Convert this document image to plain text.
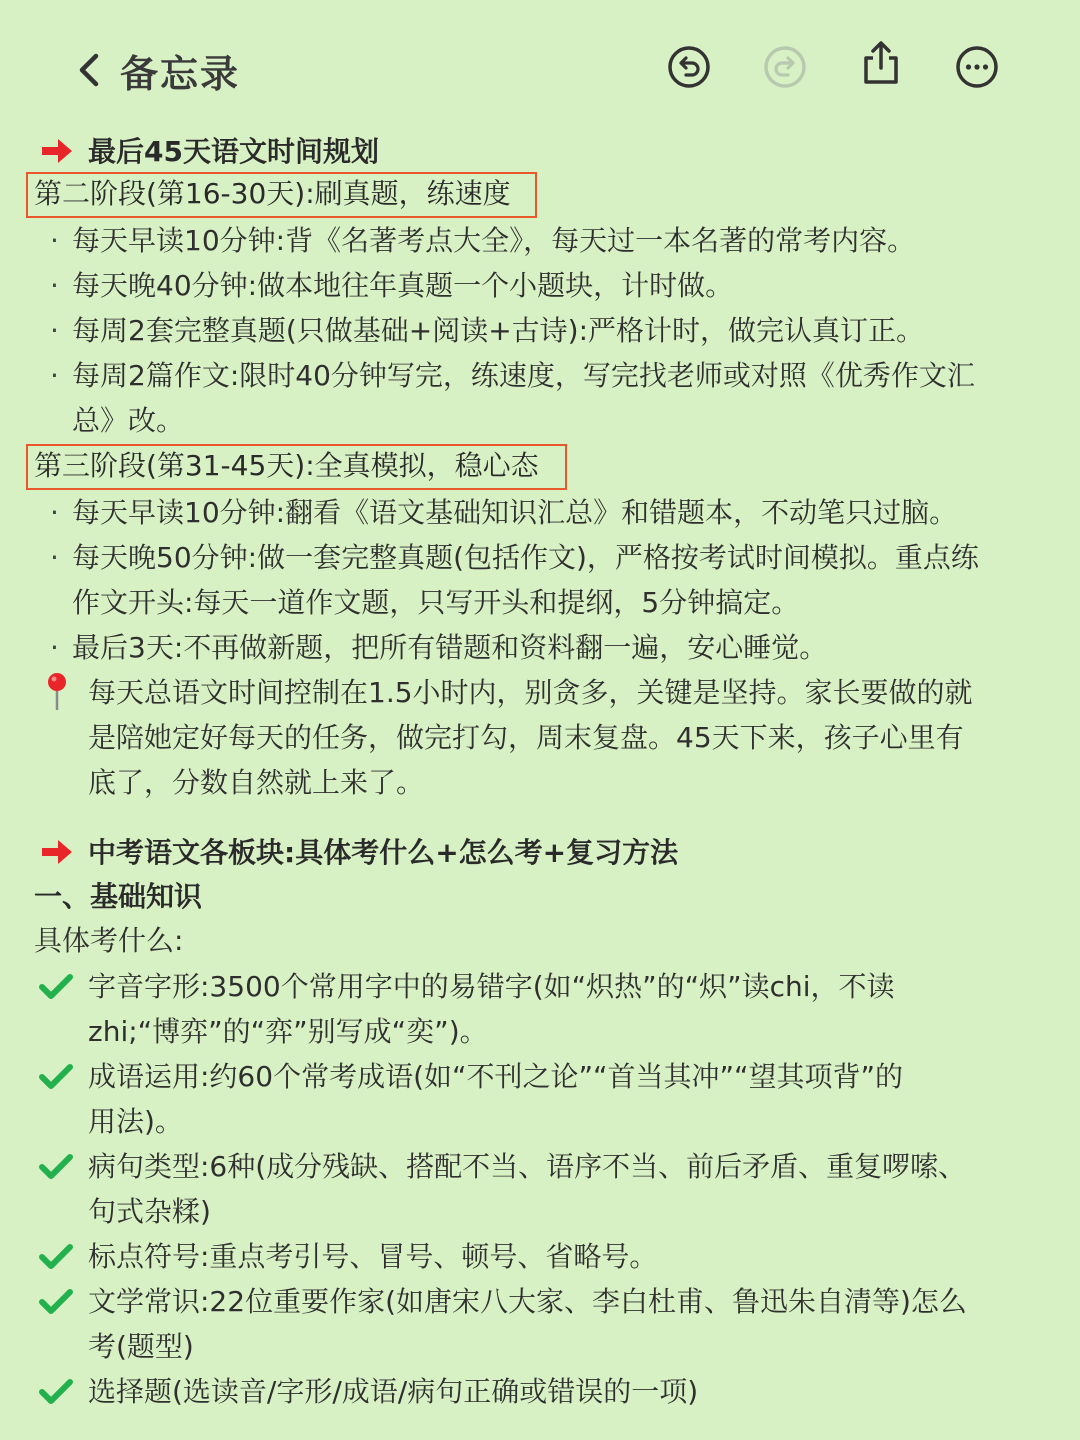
备忘录
最后45天语文时间规划
第二阶段(第16-30天):刷真题，练速度
· 每天早读10分钟:背《名著考点大全》，每天过一本名著的常考内容。
· 每天晚40分钟:做本地往年真题一个小题块，计时做。
· 每周2套完整真题(只做基础+阅读+古诗):严格计时，做完认真订正。
· 每周2篇作文:限时40分钟写完，练速度，写完找老师或对照《优秀作文汇
总》改。
第三阶段(第31-45天):全真模拟，稳心态
· 每天早读10分钟:翻看《语文基础知识汇总》和错题本，不动笔只过脑。
· 每天晚50分钟:做一套完整真题(包括作文)，严格按考试时间模拟。重点练
作文开头:每天一道作文题，只写开头和提纲，5分钟搞定。
· 最后3天:不再做新题，把所有错题和资料翻一遍，安心睡觉。
每天总语文时间控制在1.5小时内，别贪多，关键是坚持。家长要做的就
是陪她定好每天的任务，做完打勾，周末复盘。45天下来，孩子心里有
底了，分数自然就上来了。
中考语文各板块:具体考什么+怎么考+复习方法
一、基础知识
具体考什么:
字音字形:3500个常用字中的易错字(如“炽热”的“炽”读chi，不读
zhi;“博弈”的“弈”别写成“奕”)。
成语运用:约60个常考成语(如“不刊之论”“首当其冲”“望其项背”的
用法)。
病句类型:6种(成分残缺、搭配不当、语序不当、前后矛盾、重复啰嗦、
句式杂糅)
标点符号:重点考引号、冒号、顿号、省略号。
文学常识:22位重要作家(如唐宋八大家、李白杜甫、鲁迅朱自清等)怎么
考(题型)
选择题(选读音/字形/成语/病句正确或错误的一项)
